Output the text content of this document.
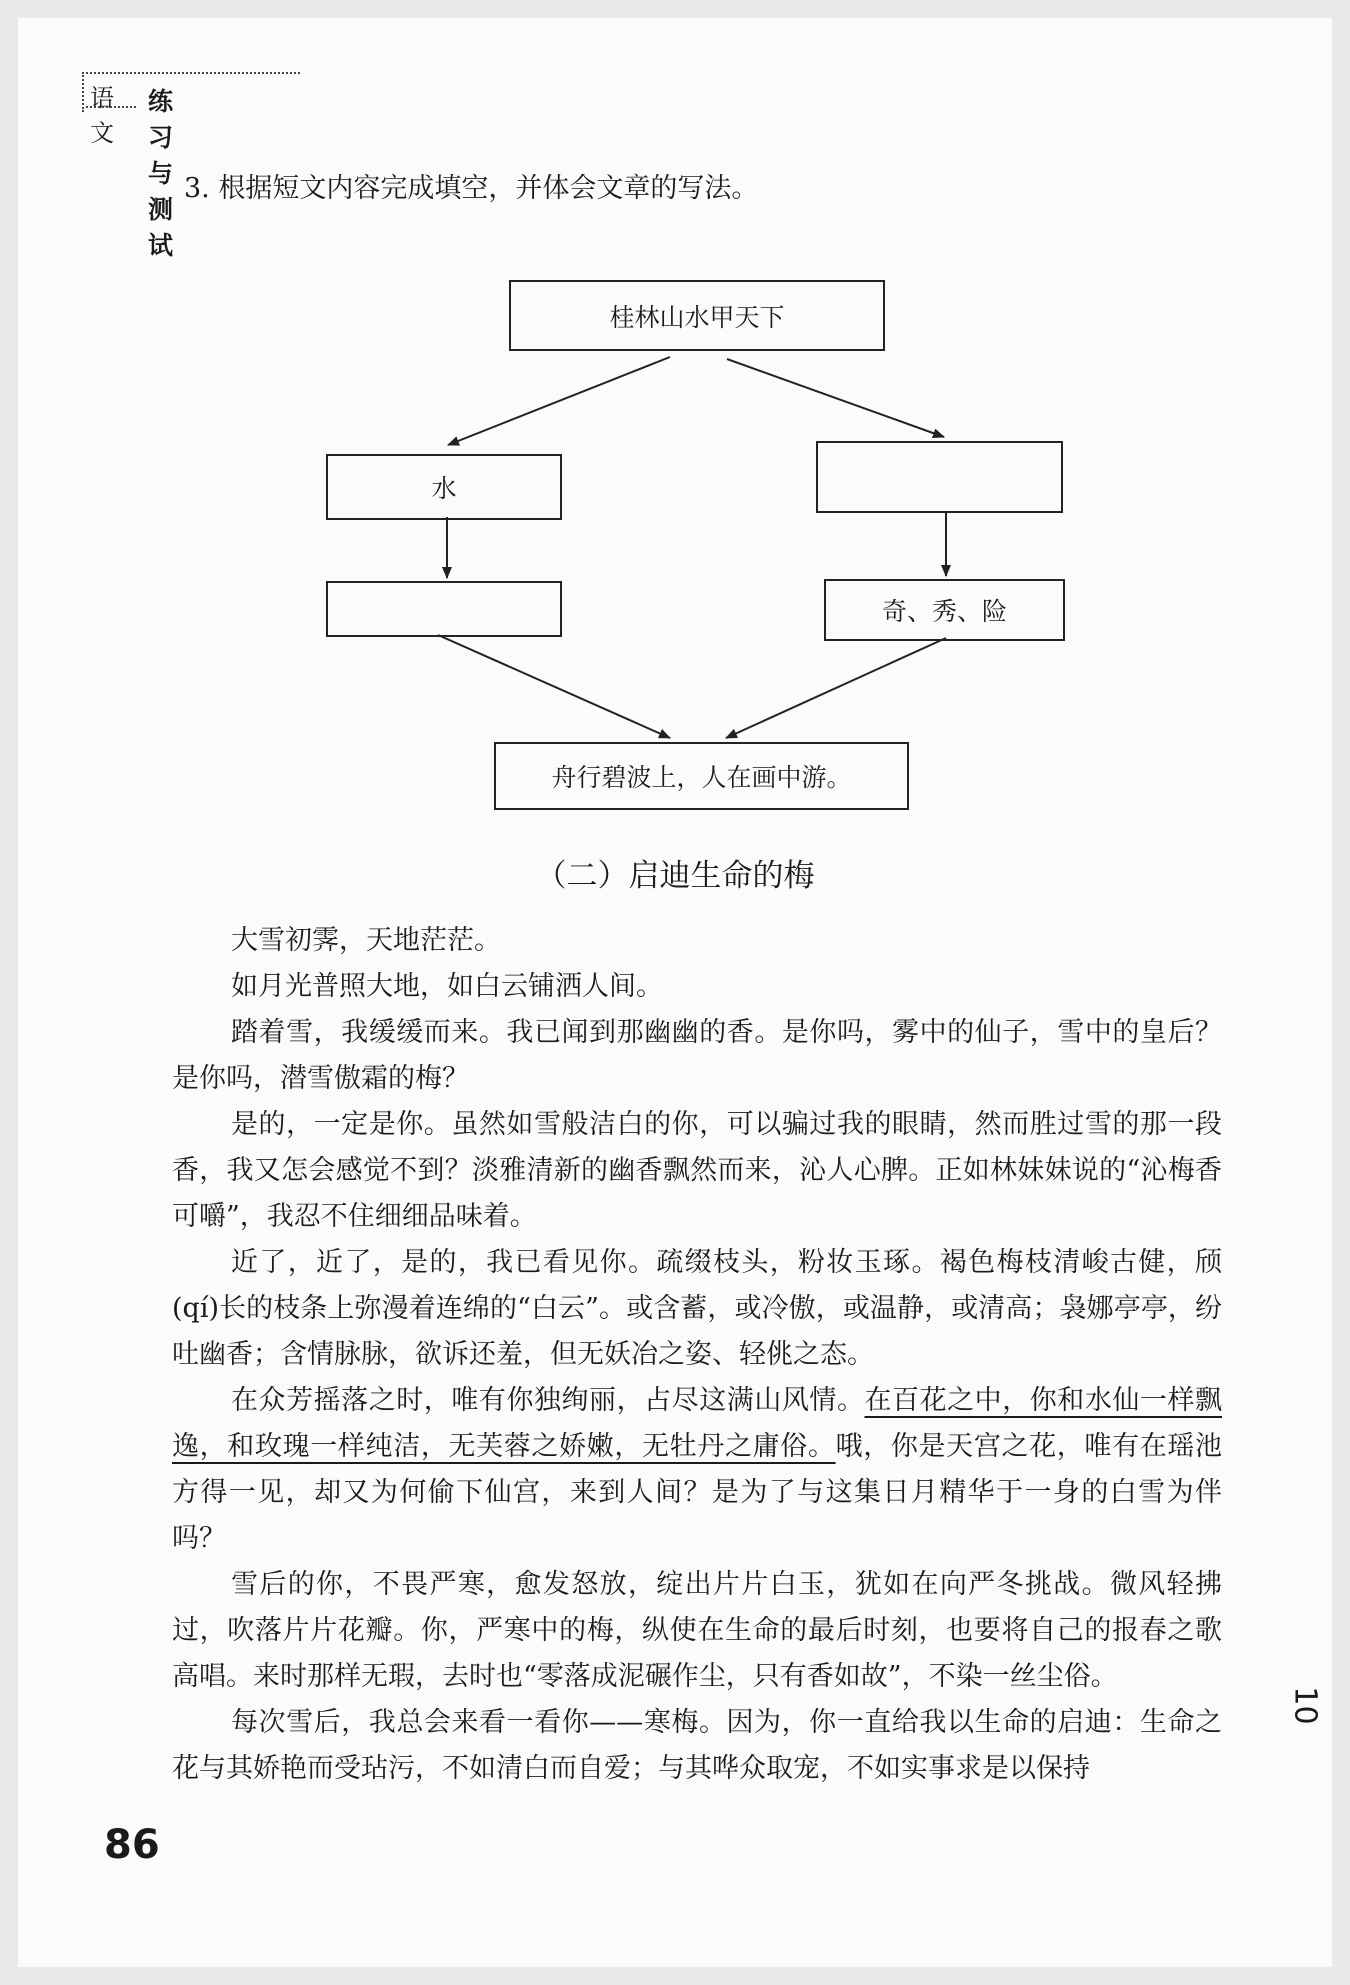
语文
练习与测试
3. 根据短文内容完成填空，并体会文章的写法。
桂林山水甲天下
水
奇、秀、险
舟行碧波上，人在画中游。
（二）启迪生命的梅

大雪初霁，天地茫茫。

如月光普照大地，如白云铺洒人间。

踏着雪，我缓缓而来。我已闻到那幽幽的香。是你吗，雾中的仙子，雪中的皇后？是你吗，潜雪傲霜的梅？

是的，一定是你。虽然如雪般洁白的你，可以骗过我的眼睛，然而胜过雪的那一段香，我又怎会感觉不到？淡雅清新的幽香飘然而来，沁人心脾。正如林妹妹说的“沁梅香可嚼”，我忍不住细细品味着。

近了，近了，是的，我已看见你。疏缀枝头，粉妆玉琢。褐色梅枝清峻古健，颀(qí)长的枝条上弥漫着连绵的“白云”。或含蓄，或冷傲，或温静，或清高；袅娜亭亭，纷吐幽香；含情脉脉，欲诉还羞，但无妖冶之姿、轻佻之态。

在众芳摇落之时，唯有你独绚丽，占尽这满山风情。在百花之中，你和水仙一样飘逸，和玫瑰一样纯洁，无芙蓉之娇嫩，无牡丹之庸俗。哦，你是天宫之花，唯有在瑶池方得一见，却又为何偷下仙宫，来到人间？是为了与这集日月精华于一身的白雪为伴吗？

雪后的你，不畏严寒，愈发怒放，绽出片片白玉，犹如在向严冬挑战。微风轻拂过，吹落片片花瓣。你，严寒中的梅，纵使在生命的最后时刻，也要将自己的报春之歌高唱。来时那样无瑕，去时也“零落成泥碾作尘，只有香如故”，不染一丝尘俗。

每次雪后，我总会来看一看你——寒梅。因为，你一直给我以生命的启迪：生命之花与其娇艳而受玷污，不如清白而自爱；与其哗众取宠，不如实事求是以保持

10
86
